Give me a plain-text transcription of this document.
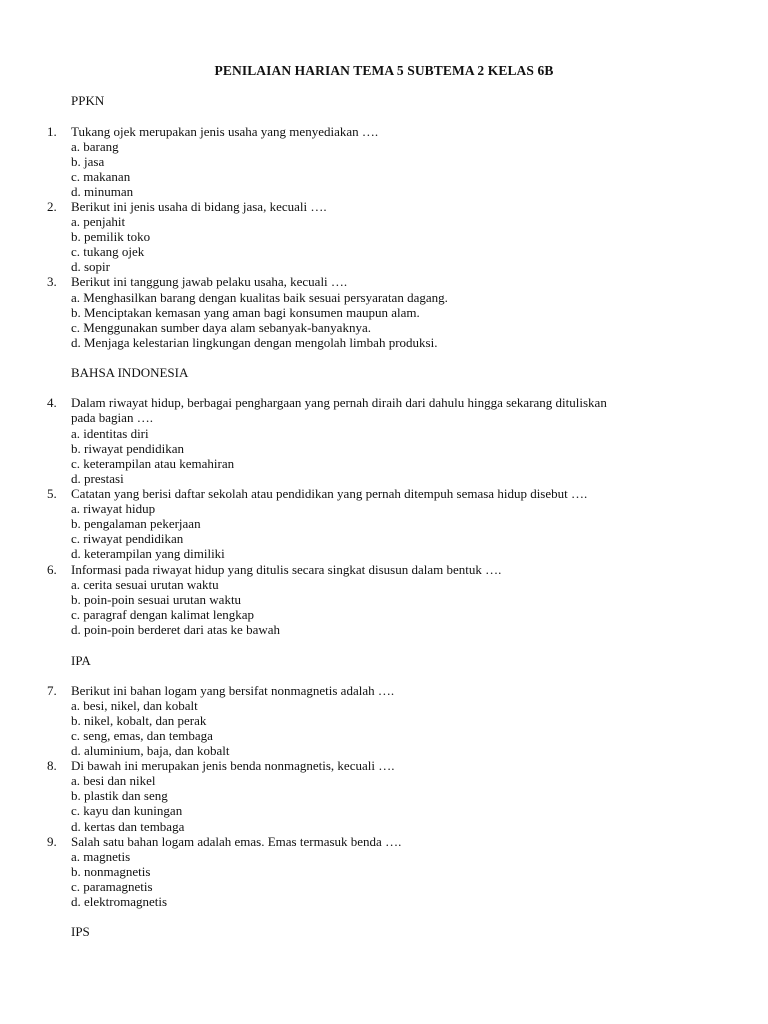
PENILAIAN HARIAN TEMA 5 SUBTEMA 2 KELAS 6B
PPKN
1.	Tukang ojek merupakan jenis usaha yang menyediakan ….
a. barang
b. jasa
c. makanan
d. minuman
2.	Berikut ini jenis usaha di bidang jasa, kecuali ….
a. penjahit
b. pemilik toko
c. tukang ojek
d. sopir
3.	Berikut ini tanggung jawab pelaku usaha, kecuali ….
a. Menghasilkan barang dengan kualitas baik sesuai persyaratan dagang.
b. Menciptakan kemasan yang aman bagi konsumen maupun alam.
c. Menggunakan sumber daya alam sebanyak-banyaknya.
d. Menjaga kelestarian lingkungan dengan mengolah limbah produksi.
BAHSA INDONESIA
4.	Dalam riwayat hidup, berbagai penghargaan yang pernah diraih dari dahulu hingga sekarang dituliskan
pada bagian ….
a. identitas diri
b. riwayat pendidikan
c. keterampilan atau kemahiran
d. prestasi
5.	Catatan yang berisi daftar sekolah atau pendidikan yang pernah ditempuh semasa hidup disebut ….
a. riwayat hidup
b. pengalaman pekerjaan
c. riwayat pendidikan
d. keterampilan yang dimiliki
6.	Informasi pada riwayat hidup yang ditulis secara singkat disusun dalam bentuk ….
a. cerita sesuai urutan waktu
b. poin-poin sesuai urutan waktu
c. paragraf dengan kalimat lengkap
d. poin-poin berderet dari atas ke bawah
IPA
7.	Berikut ini bahan logam yang bersifat nonmagnetis adalah ….
a. besi, nikel, dan kobalt
b. nikel, kobalt, dan perak
c. seng, emas, dan tembaga
d. aluminium, baja, dan kobalt
8.	Di bawah ini merupakan jenis benda nonmagnetis, kecuali ….
a. besi dan nikel
b. plastik dan seng
c. kayu dan kuningan
d. kertas dan tembaga
9.	Salah satu bahan logam adalah emas. Emas termasuk benda ….
a. magnetis
b. nonmagnetis
c. paramagnetis
d. elektromagnetis
IPS
